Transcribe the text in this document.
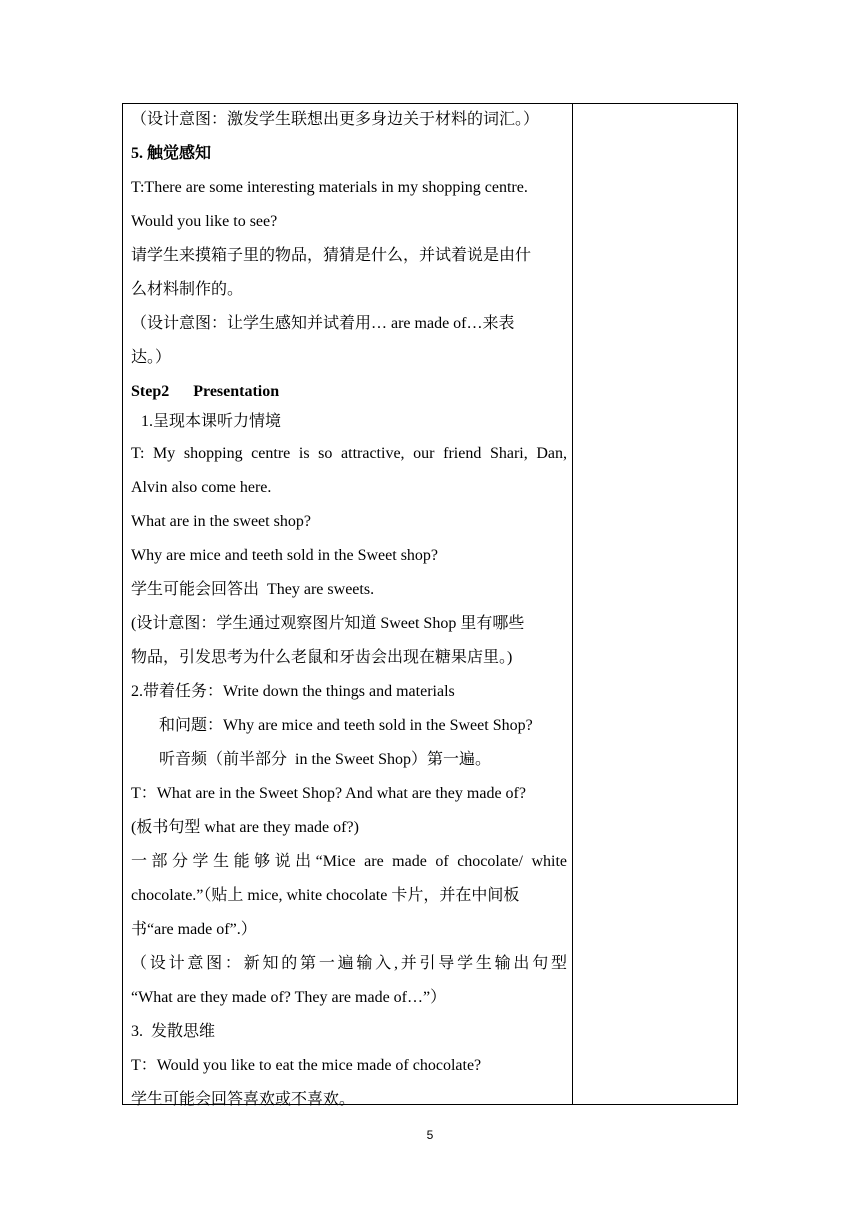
（设计意图：激发学生联想出更多身边关于材料的词汇。）
5. 触觉感知
T:There are some interesting materials in my shopping centre.
Would you like to see?
请学生来摸箱子里的物品，猜猜是什么，并试着说是由什
么材料制作的。
（设计意图：让学生感知并试着用… are made of…来表
达。）
Step2      Presentation
1.呈现本课听力情境
T: My shopping centre is so attractive, our friend Shari, Dan,
Alvin also come here.
What are in the sweet shop?
Why are mice and teeth sold in the Sweet shop?
学生可能会回答出  They are sweets.
(设计意图：学生通过观察图片知道 Sweet Shop 里有哪些
物品，引发思考为什么老鼠和牙齿会出现在糖果店里。)
2.带着任务：Write down the things and materials
和问题：Why are mice and teeth sold in the Sweet Shop?
听音频（前半部分  in the Sweet Shop）第一遍。
T：What are in the Sweet Shop? And what are they made of?
(板书句型 what are they made of?)
一部分学生能够说出“Mice are made of chocolate/ white
chocolate.”（贴上 mice, white chocolate 卡片，并在中间板
书“are made of”.）
（设计意图：新知的第一遍输入,并引导学生输出句型
“What are they made of? They are made of…”）
3.  发散思维
T：Would you like to eat the mice made of chocolate?
学生可能会回答喜欢或不喜欢。
5
